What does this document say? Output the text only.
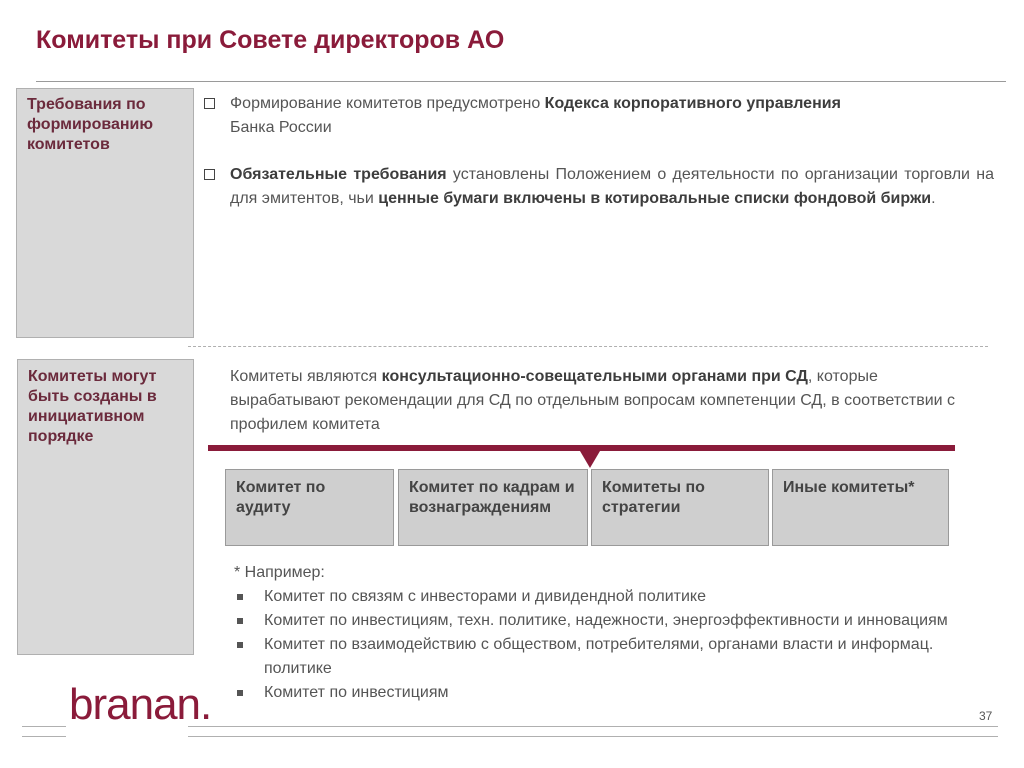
Комитеты при Совете директоров АО
Требования по формированию комитетов
Формирование комитетов предусмотрено Кодекса корпоративного управления
Банка России
Обязательные требования установлены Положением о деятельности по организации торговли на для эмитентов, чьи ценные бумаги включены в котировальные списки фондовой биржи.
Комитеты могут быть созданы в инициативном порядке
Комитеты являются консультационно-совещательными органами при СД, которые вырабатывают рекомендации для СД по отдельным вопросам компетенции СД, в соответствии с профилем комитета
Комитет по аудиту
Комитет по кадрам и вознаграждениям
Комитеты по стратегии
Иные комитеты*
* Например:
Комитет по связям с инвесторами и дивидендной политике
Комитет по инвестициям, техн. политике, надежности, энергоэффективности и инновациям
Комитет по взаимодействию с обществом, потребителями, органами власти и информац. политике
Комитет по инвестициям
branan.	37
